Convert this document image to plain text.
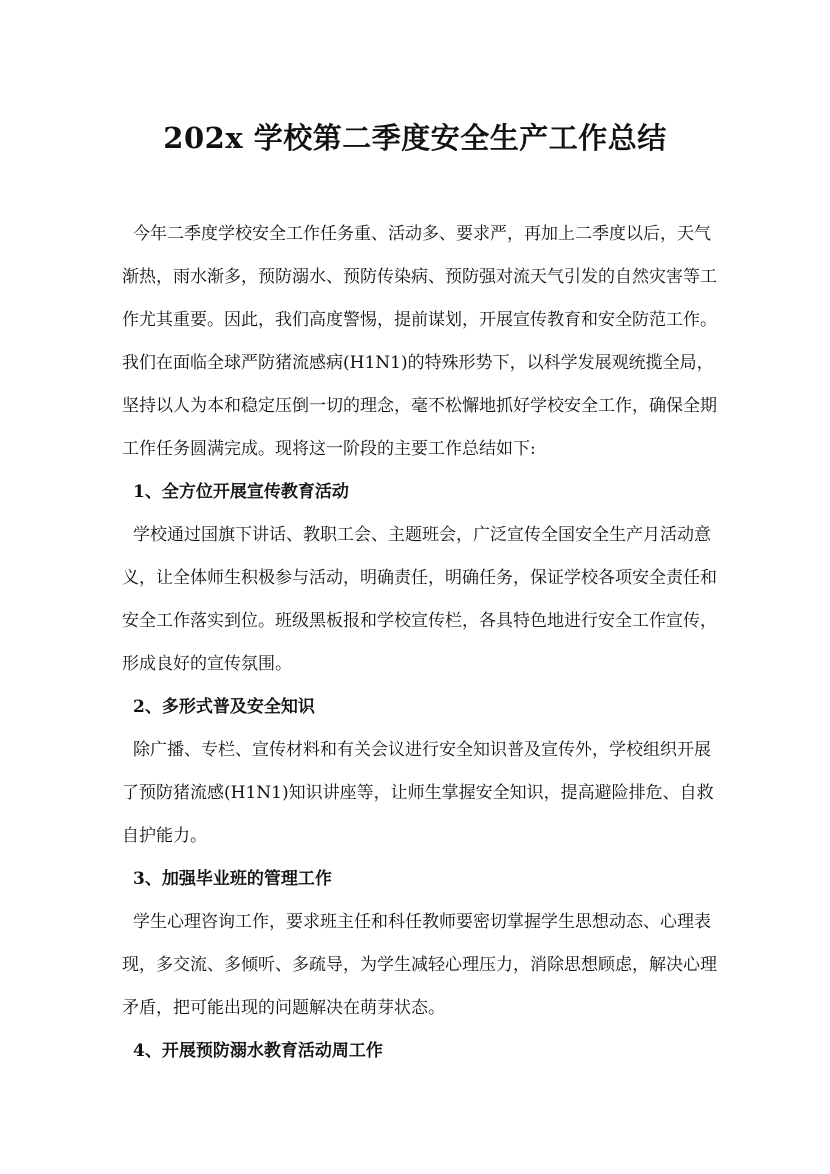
202x 学校第二季度安全生产工作总结
今年二季度学校安全工作任务重、活动多、要求严，再加上二季度以后，天气
渐热，雨水渐多，预防溺水、预防传染病、预防强对流天气引发的自然灾害等工
作尤其重要。因此，我们高度警惕，提前谋划，开展宣传教育和安全防范工作。
我们在面临全球严防猪流感病(H1N1)的特殊形势下，以科学发展观统揽全局，
坚持以人为本和稳定压倒一切的理念，毫不松懈地抓好学校安全工作，确保全期
工作任务圆满完成。现将这一阶段的主要工作总结如下:
1、全方位开展宣传教育活动
学校通过国旗下讲话、教职工会、主题班会，广泛宣传全国安全生产月活动意
义，让全体师生积极参与活动，明确责任，明确任务，保证学校各项安全责任和
安全工作落实到位。班级黑板报和学校宣传栏，各具特色地进行安全工作宣传，
形成良好的宣传氛围。
2、多形式普及安全知识
除广播、专栏、宣传材料和有关会议进行安全知识普及宣传外，学校组织开展
了预防猪流感(H1N1)知识讲座等，让师生掌握安全知识，提高避险排危、自救
自护能力。
3、加强毕业班的管理工作
学生心理咨询工作，要求班主任和科任教师要密切掌握学生思想动态、心理表
现，多交流、多倾听、多疏导，为学生减轻心理压力，消除思想顾虑，解决心理
矛盾，把可能出现的问题解决在萌芽状态。
4、开展预防溺水教育活动周工作
